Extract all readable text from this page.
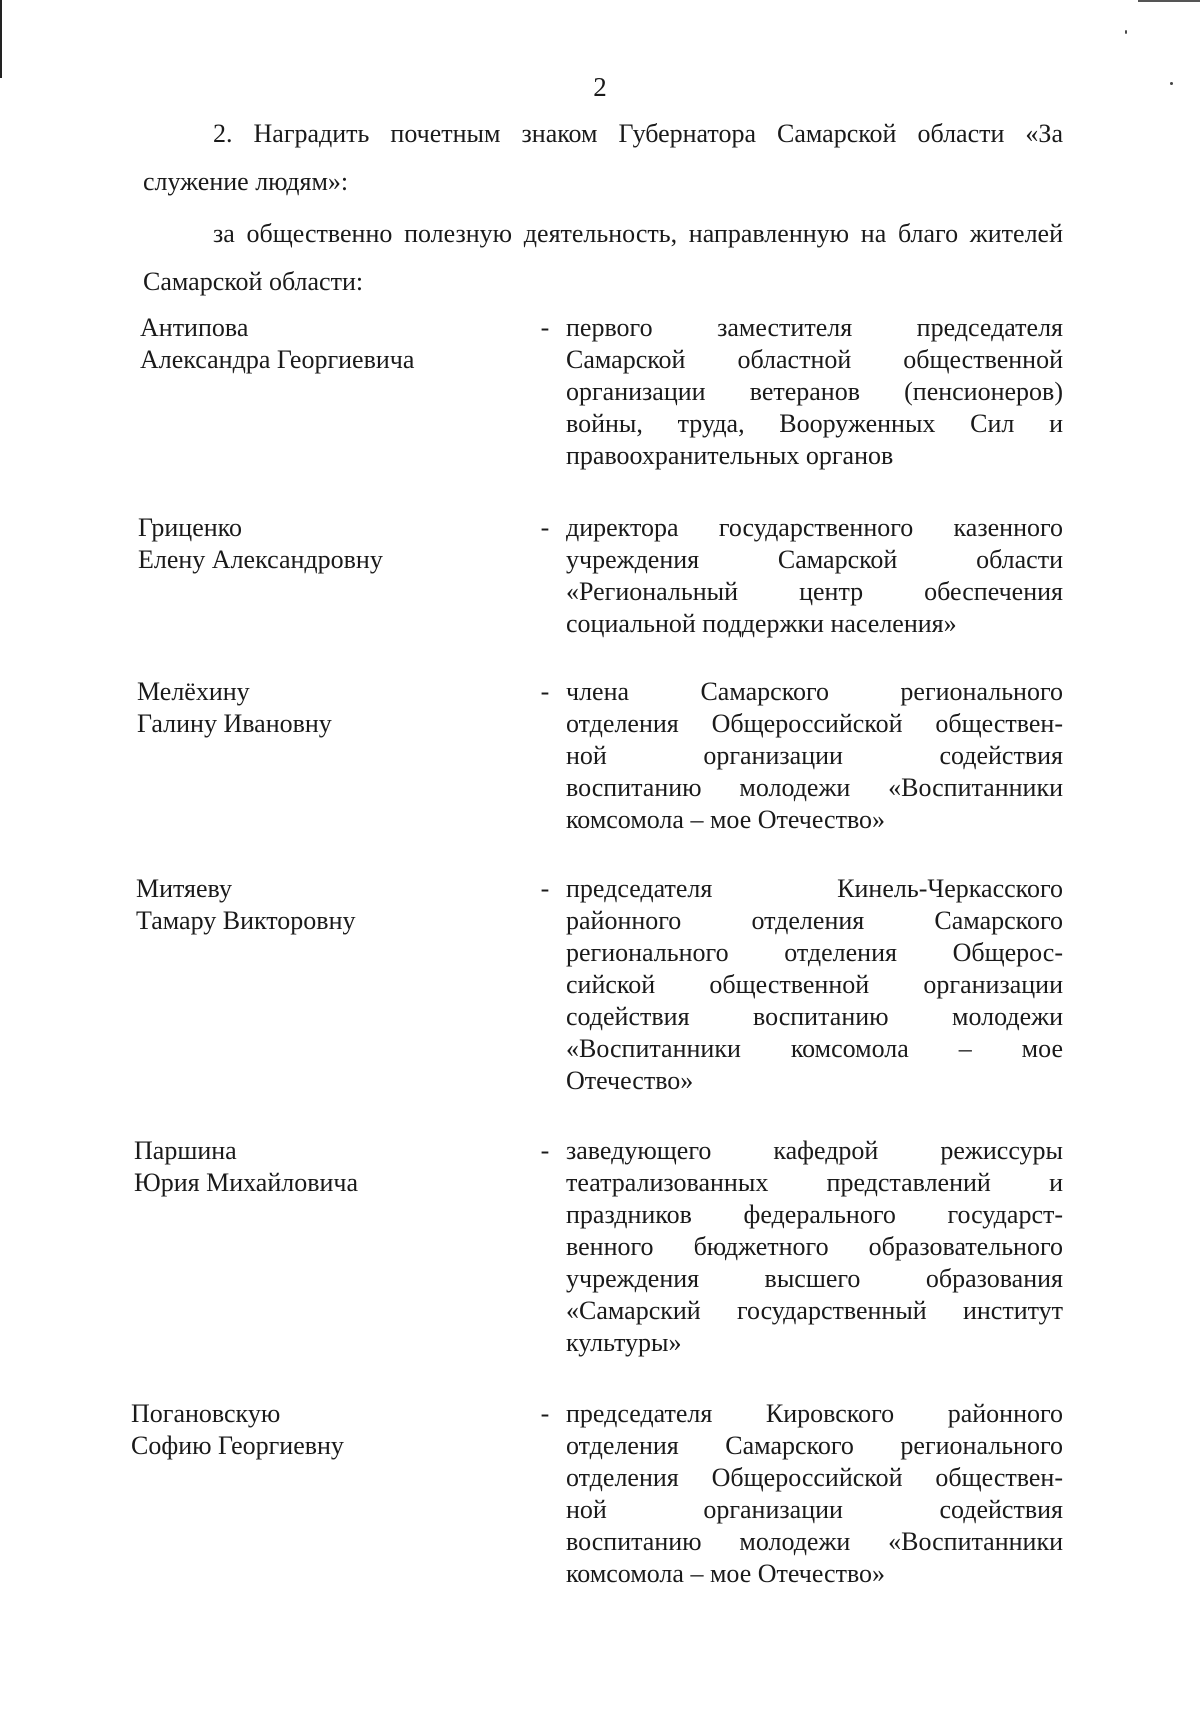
2
2. Наградить почетным знаком Губернатора Самарской области «За служение людям»:
за общественно полезную деятельность, направленную на благо жителей Самарской области:
Антипова
Александра Георгиевича
- первого заместителя председателя
Самарской областной общественной
организации ветеранов (пенсионеров)
войны, труда, Вооруженных Сил и
правоохранительных органов
Гриценко
Елену Александровну
- директора государственного казенного
учреждения Самарской области
«Региональный центр обеспечения
социальной поддержки населения»
Мелёхину
Галину Ивановну
- члена Самарского регионального
отделения Общероссийской обществен-
ной организации содействия
воспитанию молодежи «Воспитанники
комсомола – мое Отечество»
Митяеву
Тамару Викторовну
- председателя Кинель-Черкасского
районного отделения Самарского
регионального отделения Общерос-
сийской общественной организации
содействия воспитанию молодежи
«Воспитанники комсомола – мое
Отечество»
Паршина
Юрия Михайловича
- заведующего кафедрой режиссуры
театрализованных представлений и
праздников федерального государст-
венного бюджетного образовательного
учреждения высшего образования
«Самарский государственный институт
культуры»
Погановскую
Софию Георгиевну
- председателя Кировского районного
отделения Самарского регионального
отделения Общероссийской обществен-
ной организации содействия
воспитанию молодежи «Воспитанники
комсомола – мое Отечество»
